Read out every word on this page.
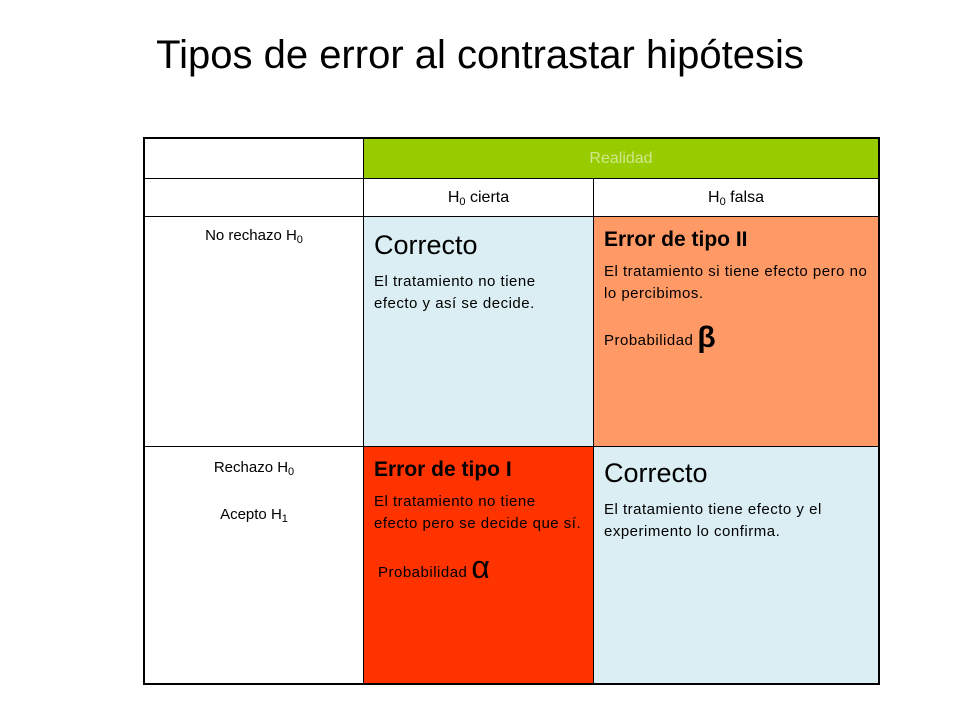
Tipos de error al contrastar hipótesis
Realidad
$H_0$ cierta	$H_0$ falsa
No rechazo $H_0$	Correcto

El tratamiento no tiene efecto y así se decide.

Error de tipo II

El tratamiento si tiene efecto pero no lo percibimos.

Probabilidad β
Rechazo $H_0$
Acepto $H_1$

Error de tipo I

El tratamiento no tiene efecto pero se decide que sí.

Probabilidad α

Correcto

El tratamiento tiene efecto y el experimento lo confirma.
